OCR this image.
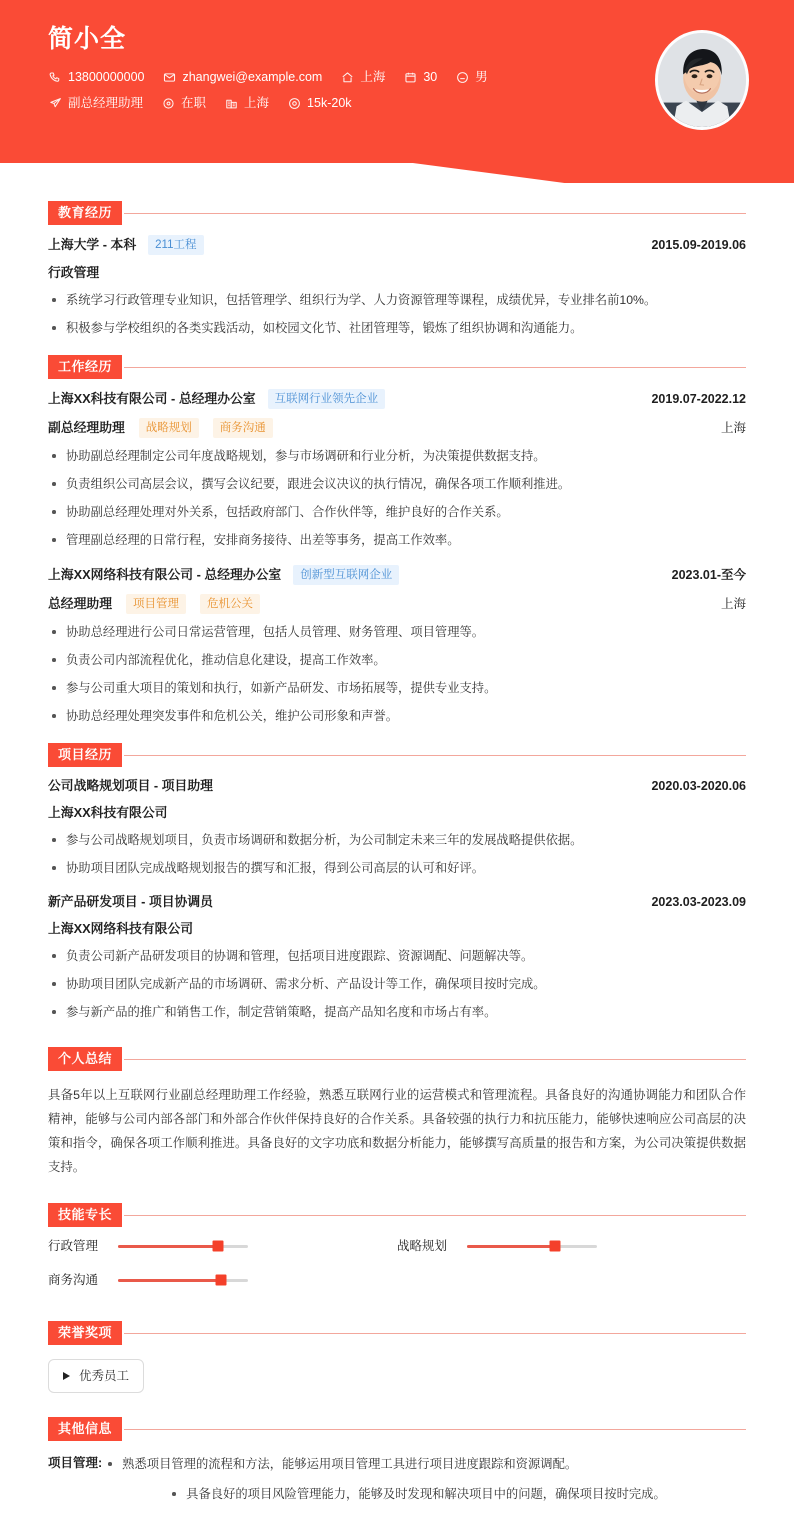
简小全
13800000000	zhangwei@example.com	上海	30	男
副总经理助理	在职	上海	15k-20k
教育经历
上海大学 - 本科	211工程	2015.09-2019.06
行政管理
系统学习行政管理专业知识，包括管理学、组织行为学、人力资源管理等课程，成绩优异，专业排名前10%。
积极参与学校组织的各类实践活动，如校园文化节、社团管理等，锻炼了组织协调和沟通能力。
工作经历
上海XX科技有限公司 - 总经理办公室	互联网行业领先企业	2019.07-2022.12
副总经理助理	战略规划	商务沟通	上海
协助副总经理制定公司年度战略规划，参与市场调研和行业分析，为决策提供数据支持。
负责组织公司高层会议，撰写会议纪要，跟进会议决议的执行情况，确保各项工作顺利推进。
协助副总经理处理对外关系，包括政府部门、合作伙伴等，维护良好的合作关系。
管理副总经理的日常行程，安排商务接待、出差等事务，提高工作效率。
上海XX网络科技有限公司 - 总经理办公室	创新型互联网企业	2023.01-至今
总经理助理	项目管理	危机公关	上海
协助总经理进行公司日常运营管理，包括人员管理、财务管理、项目管理等。
负责公司内部流程优化，推动信息化建设，提高工作效率。
参与公司重大项目的策划和执行，如新产品研发、市场拓展等，提供专业支持。
协助总经理处理突发事件和危机公关，维护公司形象和声誉。
项目经历
公司战略规划项目 - 项目助理	2020.03-2020.06
上海XX科技有限公司
参与公司战略规划项目，负责市场调研和数据分析，为公司制定未来三年的发展战略提供依据。
协助项目团队完成战略规划报告的撰写和汇报，得到公司高层的认可和好评。
新产品研发项目 - 项目协调员	2023.03-2023.09
上海XX网络科技有限公司
负责公司新产品研发项目的协调和管理，包括项目进度跟踪、资源调配、问题解决等。
协助项目团队完成新产品的市场调研、需求分析、产品设计等工作，确保项目按时完成。
参与新产品的推广和销售工作，制定营销策略，提高产品知名度和市场占有率。
个人总结
具备5年以上互联网行业副总经理助理工作经验，熟悉互联网行业的运营模式和管理流程。具备良好的沟通协调能力和团队合作精神，能够与公司内部各部门和外部合作伙伴保持良好的合作关系。具备较强的执行力和抗压能力，能够快速响应公司高层的决策和指令，确保各项工作顺利推进。具备良好的文字功底和数据分析能力，能够撰写高质量的报告和方案，为公司决策提供数据支持。
技能专长
行政管理	战略规划
商务沟通
荣誉奖项
优秀员工
其他信息
项目管理:	熟悉项目管理的流程和方法，能够运用项目管理工具进行项目进度跟踪和资源调配。
具备良好的项目风险管理能力，能够及时发现和解决项目中的问题，确保项目按时完成。
